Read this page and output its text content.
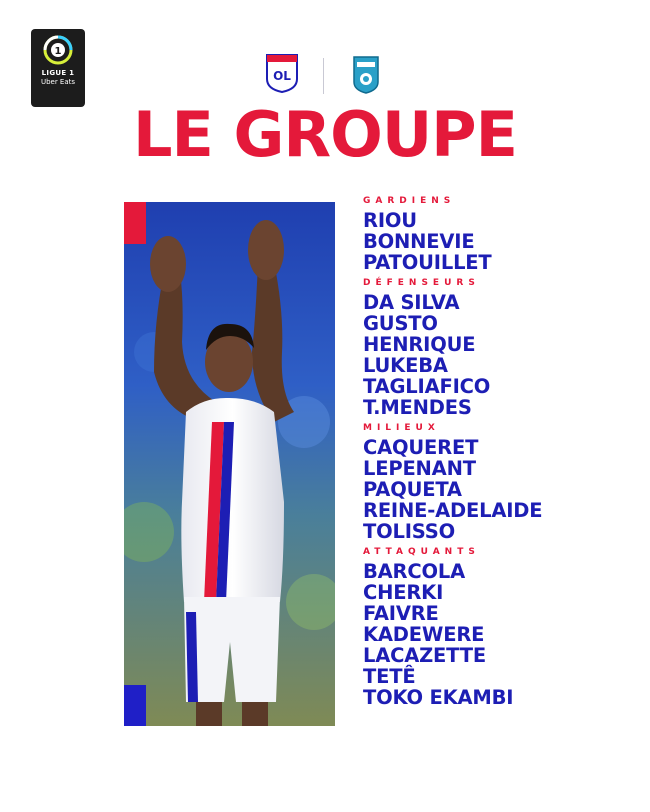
1
LIGUE 1
Uber Eats	OL
LE GROUPE
GARDIENS
RIOU
BONNEVIE
PATOUILLET
DÉFENSEURS
DA SILVA
GUSTO
HENRIQUE
LUKEBA
TAGLIAFICO
T.MENDES
MILIEUX
CAQUERET
LEPENANT
PAQUETA
REINE-ADELAIDE
TOLISSO
ATTAQUANTS
BARCOLA
CHERKI
FAIVRE
KADEWERE
LACAZETTE
TETÊ
TOKO EKAMBI
